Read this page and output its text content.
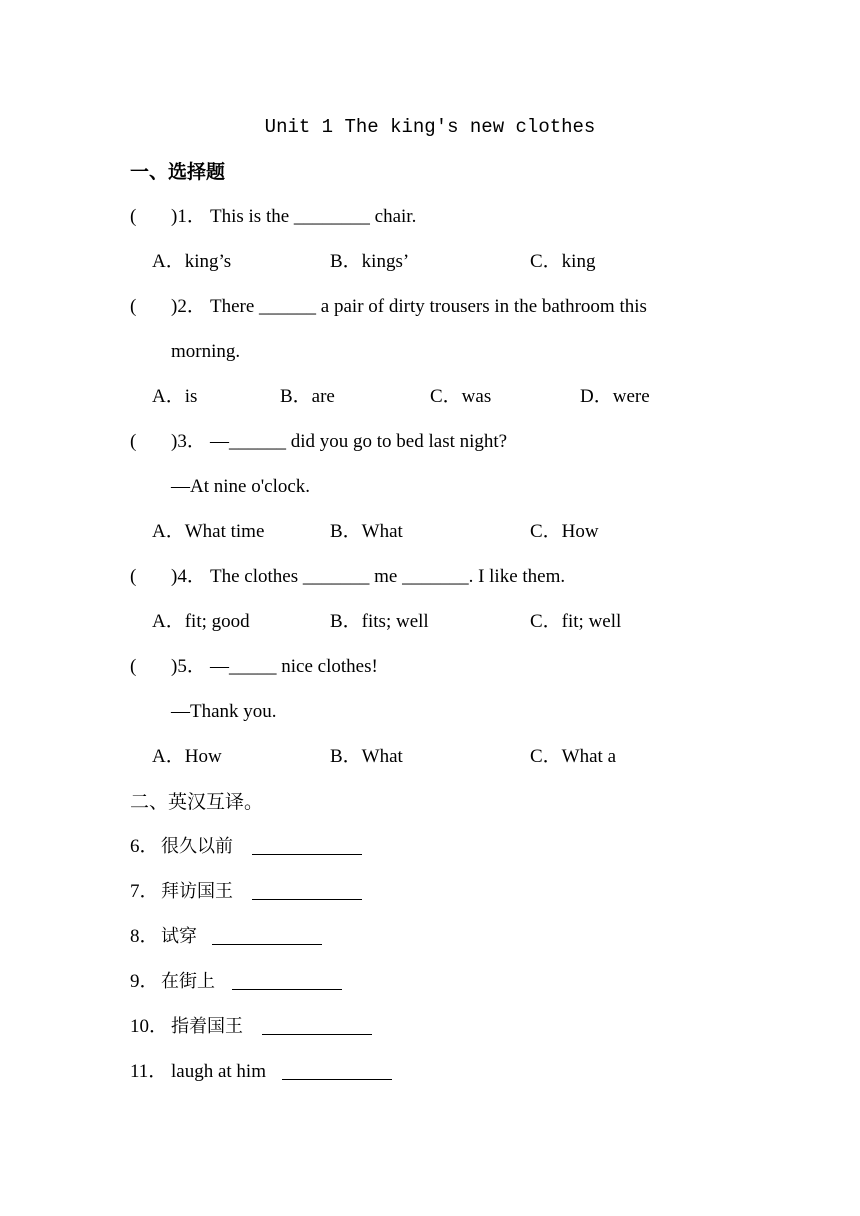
Unit 1 The king's new clothes
一、选择题

(

)1．

This is the ________ chair.

A．king’s

	B．kings’

	C．king

(

)2．

There ______ a pair of dirty trousers in the bathroom this

morning.

A．is

	B．are

	C．was

	D．were

(

)3．

—______ did you go to bed last night?

—At nine o'clock.

A．What time

	B．What

	C．How

(

)4．

The clothes _______ me _______. I like them.

A．fit; good

	B．fits; well

	C．fit; well

(

)5．

—_____ nice clothes!

—Thank you.

A．How

	B．What

	C．What a

二、英汉互译。

6．

很久以前

7．

拜访国王

8．

试穿

9．

在街上

10．

指着国王

11．

laugh at him
